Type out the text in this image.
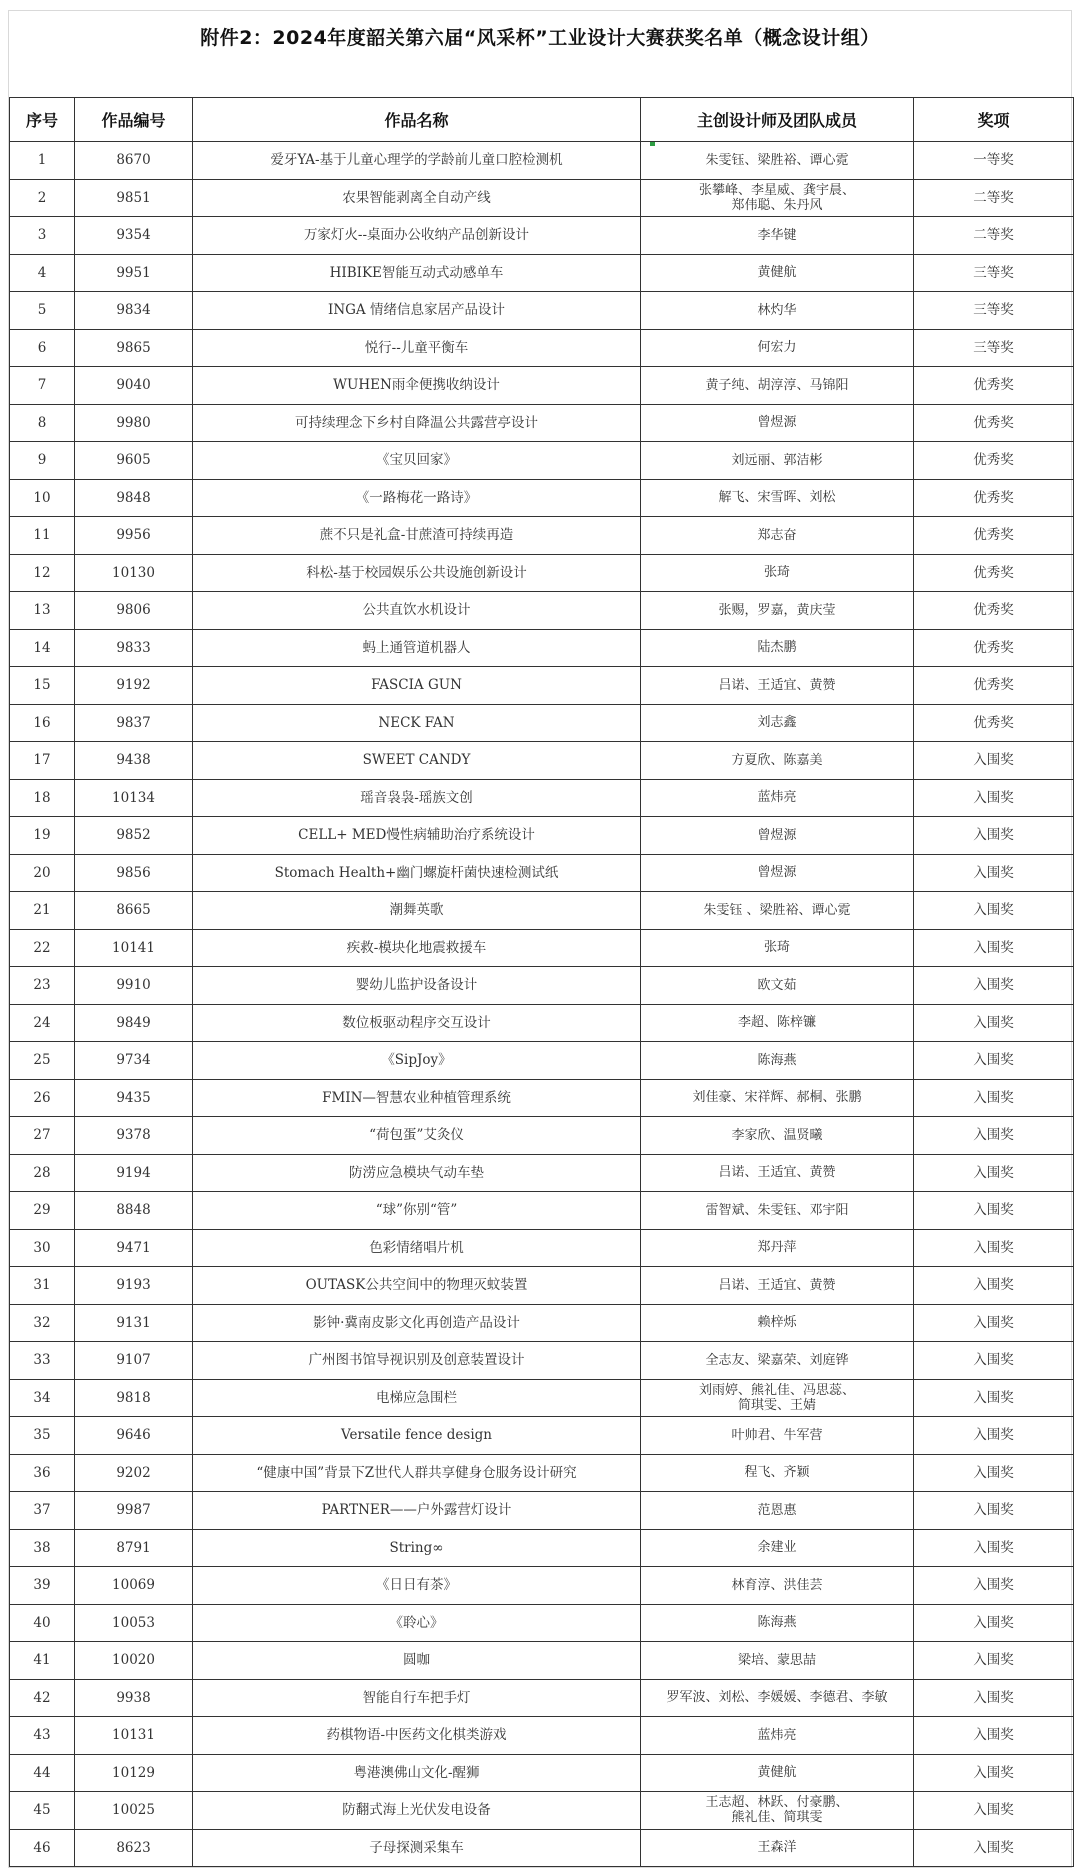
附件2：2024年度韶关第六届“风采杯”工业设计大赛获奖名单（概念设计组）
序号	作品编号	作品名称	主创设计师及团队成员	奖项
1	8670	爱牙YA-基于儿童心理学的学龄前儿童口腔检测机	朱雯钰、梁胜裕、谭心霓	一等奖
2	9851	农果智能剥离全自动产线	张攀峰、李星威、龚宇晨、
郑伟聪、朱丹风	二等奖
3	9354	万家灯火--桌面办公收纳产品创新设计	李华键	二等奖
4	9951	HIBIKE智能互动式动感单车	黄健航	三等奖
5	9834	INGA 情绪信息家居产品设计	林灼华	三等奖
6	9865	悦行--儿童平衡车	何宏力	三等奖
7	9040	WUHEN雨伞便携收纳设计	黄子纯、胡淳淳、马锦阳	优秀奖
8	9980	可持续理念下乡村自降温公共露营亭设计	曾煜源	优秀奖
9	9605	《宝贝回家》	刘远丽、郭洁彬	优秀奖
10	9848	《一路梅花一路诗》	解飞、宋雪晖、刘松	优秀奖
11	9956	蔗不只是礼盒-甘蔗渣可持续再造	郑志奋	优秀奖
12	10130	科松-基于校园娱乐公共设施创新设计	张琦	优秀奖
13	9806	公共直饮水机设计	张赐，罗嘉，黄庆莹	优秀奖
14	9833	蚂上通管道机器人	陆杰鹏	优秀奖
15	9192	FASCIA GUN	吕诺、王适宜、黄赞	优秀奖
16	9837	NECK FAN	刘志鑫	优秀奖
17	9438	SWEET CANDY	方夏欣、陈嘉美	入围奖
18	10134	瑶音袅袅-瑶族文创	蓝炜亮	入围奖
19	9852	CELL+ MED慢性病辅助治疗系统设计	曾煜源	入围奖
20	9856	Stomach Health+幽门螺旋杆菌快速检测试纸	曾煜源	入围奖
21	8665	潮舞英歌	朱雯钰 、梁胜裕、谭心霓	入围奖
22	10141	疾救-模块化地震救援车	张琦	入围奖
23	9910	婴幼儿监护设备设计	欧文茹	入围奖
24	9849	数位板驱动程序交互设计	李超、陈梓镰	入围奖
25	9734	《SipJoy》	陈海燕	入围奖
26	9435	FMIN—智慧农业种植管理系统	刘佳豪、宋祥辉、郝桐、张鹏	入围奖
27	9378	“荷包蛋”艾灸仪	李家欣、温贤曦	入围奖
28	9194	防涝应急模块气动车垫	吕诺、王适宜、黄赞	入围奖
29	8848	“球”你别“管”	雷智斌、朱雯钰、邓宇阳	入围奖
30	9471	色彩情绪唱片机	郑丹萍	入围奖
31	9193	OUTASK公共空间中的物理灭蚊装置	吕诺、王适宜、黄赞	入围奖
32	9131	影钟·冀南皮影文化再创造产品设计	赖梓烁	入围奖
33	9107	广州图书馆导视识别及创意装置设计	全志友、梁嘉荣、刘庭铧	入围奖
34	9818	电梯应急围栏	刘雨婷、熊礼佳、冯思蕊、
简琪雯、王婧	入围奖
35	9646	Versatile fence design	叶帅君、牛军营	入围奖
36	9202	“健康中国”背景下Z世代人群共享健身仓服务设计研究	程飞、齐颖	入围奖
37	9987	PARTNER——户外露营灯设计	范恩惠	入围奖
38	8791	String∞	余建业	入围奖
39	10069	《日日有茶》	林育淳、洪佳芸	入围奖
40	10053	《聆心》	陈海燕	入围奖
41	10020	圆咖	梁培、蒙思喆	入围奖
42	9938	智能自行车把手灯	罗军波、刘松、李媛媛、李德君、李敏	入围奖
43	10131	药棋物语-中医药文化棋类游戏	蓝炜亮	入围奖
44	10129	粤港澳佛山文化-醒狮	黄健航	入围奖
45	10025	防翻式海上光伏发电设备	王志超、林跃、付豪鹏、
熊礼佳、简琪雯	入围奖
46	8623	子母探测采集车	王森洋	入围奖
